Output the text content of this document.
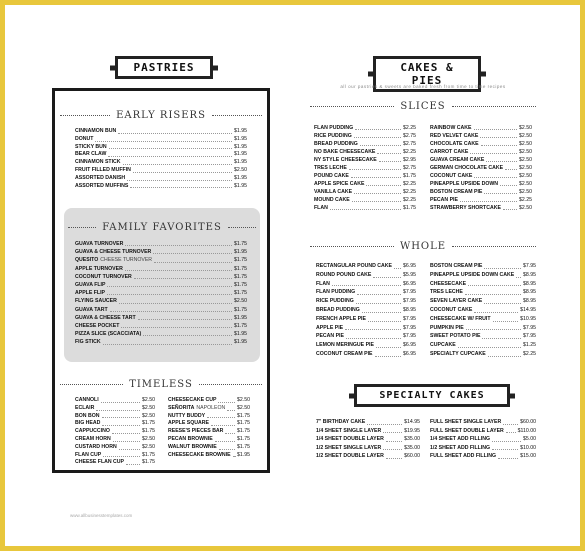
PASTRIES	CAKES & PIES
all our pastries & sweets are baked fresh from time to time recipes
EARLY RISERS
CINNAMON BUN	$1.95
DONUT	$1.95
STICKY BUN	$1.95
BEAR CLAW	$1.95
CINNAMON STICK	$1.95
FRUIT FILLED MUFFIN	$2.50
ASSORTED DANISH	$1.95
ASSORTED MUFFINS	$1.95
FAMILY FAVORITES
GUAVA TURNOVER	$1.75
GUAVA & CHEESE TURNOVER	$1.95
QUESITO CHEESE TURNOVER	$1.75
APPLE TURNOVER	$1.75
COCONUT TURNOVER	$1.75
GUAVA FLIP	$1.75
APPLE FLIP	$1.75
FLYING SAUCER	$2.50
GUAVA TART	$1.75
GUAVA & CHEESE TART	$1.95
CHEESE POCKET	$1.75
PIZZA SLICE (SCACCIATA)	$1.95
FIG STICK	$1.95
TIMELESS
CANNOLI	$2.50
ECLAIR	$2.50
BON BON	$2.50
BIG HEAD	$1.75
CAPPUCCINO	$1.75
CREAM HORN	$2.50
CUSTARD HORN	$2.50
FLAN CUP	$1.75
CHEESE FLAN CUP	$1.75
CHEESECAKE CUP	$2.50
SEÑORITA NAPOLEON $2.50
NUTTY BUDDY	$1.75
APPLE SQUARE	$1.75
REESE'S PIECES BAR	$1.75
PECAN BROWNIE	$1.75
WALNUT BROWNIE	$1.75
CHEESECAKE BROWNIE $1.95
SLICES
FLAN PUDDING	$2.25
RICE PUDDING	$2.75
BREAD PUDDING	$2.75
NO BAKE CHEESECAKE	$2.25
NY STYLE CHEESECAKE	$2.95
TRES LECHE	$2.75
POUND CAKE	$1.75
APPLE SPICE CAKE	$2.25
VANILLA CAKE	$2.25
MOUND CAKE	$2.25
FLAN	$1.75
RAINBOW CAKE	$2.50
RED VELVET CAKE	$2.50
CHOCOLATE CAKE	$2.50
CARROT CAKE	$2.50
GUAVA CREAM CAKE	$2.50
GERMAN CHOCOLATE CAKE	$2.50
COCONUT CAKE	$2.50
PINEAPPLE UPSIDE DOWN	$2.50
BOSTON CREAM PIE	$2.50
PECAN PIE	$2.25
STRAWBERRY SHORTCAKE	$2.50
WHOLE
RECTANGULAR POUND CAKE $6.95
ROUND POUND CAKE	$5.95
FLAN	$6.95
FLAN PUDDING	$7.95
RICE PUDDING	$7.95
BREAD PUDDING	$8.95
FRENCH APPLE PIE	$7.95
APPLE PIE	$7.95
PECAN PIE	$7.95
LEMON MERINGUE PIE	$6.95
COCONUT CREAM PIE	$6.95
BOSTON CREAM PIE	$7.95
PINEAPPLE UPSIDE DOWN CAKE $8.95
CHEESECAKE	$8.95
TRES LECHE	$8.95
SEVEN LAYER CAKE	$8.95
COCONUT CAKE	$14.95
CHEESECAKE W/ FRUIT	$10.95
PUMPKIN PIE	$7.95
SWEET POTATO PIE	$7.95
CUPCAKE	$1.25
SPECIALTY CUPCAKE	$2.25
SPECIALTY CAKES
7" BIRTHDAY CAKE	$14.95
1/4 SHEET SINGLE LAYER	$19.95
1/4 SHEET DOUBLE LAYER	$35.00
1/2 SHEET SINGLE LAYER	$35.00
1/2 SHEET DOUBLE LAYER	$60.00
FULL SHEET SINGLE LAYER	$60.00
FULL SHEET DOUBLE LAYER	$110.00
1/4 SHEET ADD FILLING	$5.00
1/2 SHEET ADD FILLING	$10.00
FULL SHEET ADD FILLING	$15.00
www.allbusinesstemplates.com
